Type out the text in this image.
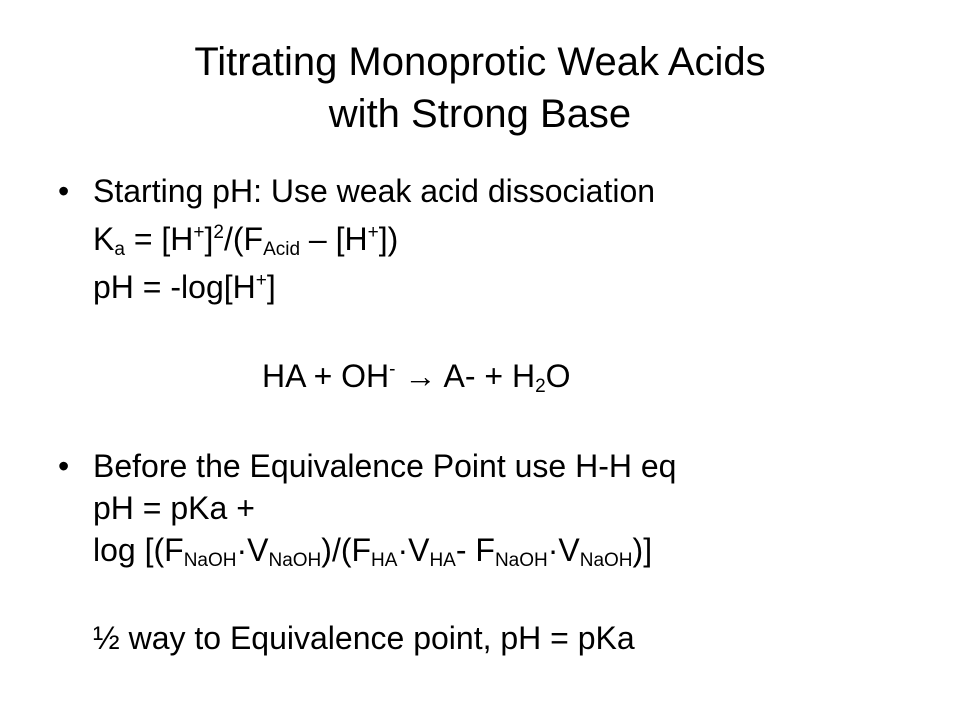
Titrating Monoprotic Weak Acids
with Strong Base
• Starting pH: Use weak acid dissociation
$K_a = [H^+]^2/(F_{Acid} - [H^+])$
pH = -log[H+]
HA + $OH^- \to A- + H_2O$
• Before the Equivalence Point use H-H eq
pH = pKa +
$\log [(F_{NaOH}\cdot V_{NaOH})/(F_{HA}\cdot V_{HA}-$ $F_{NaOH}\cdot V_{NaOH}$)]
½ way to Equivalence point, pH = pKa
